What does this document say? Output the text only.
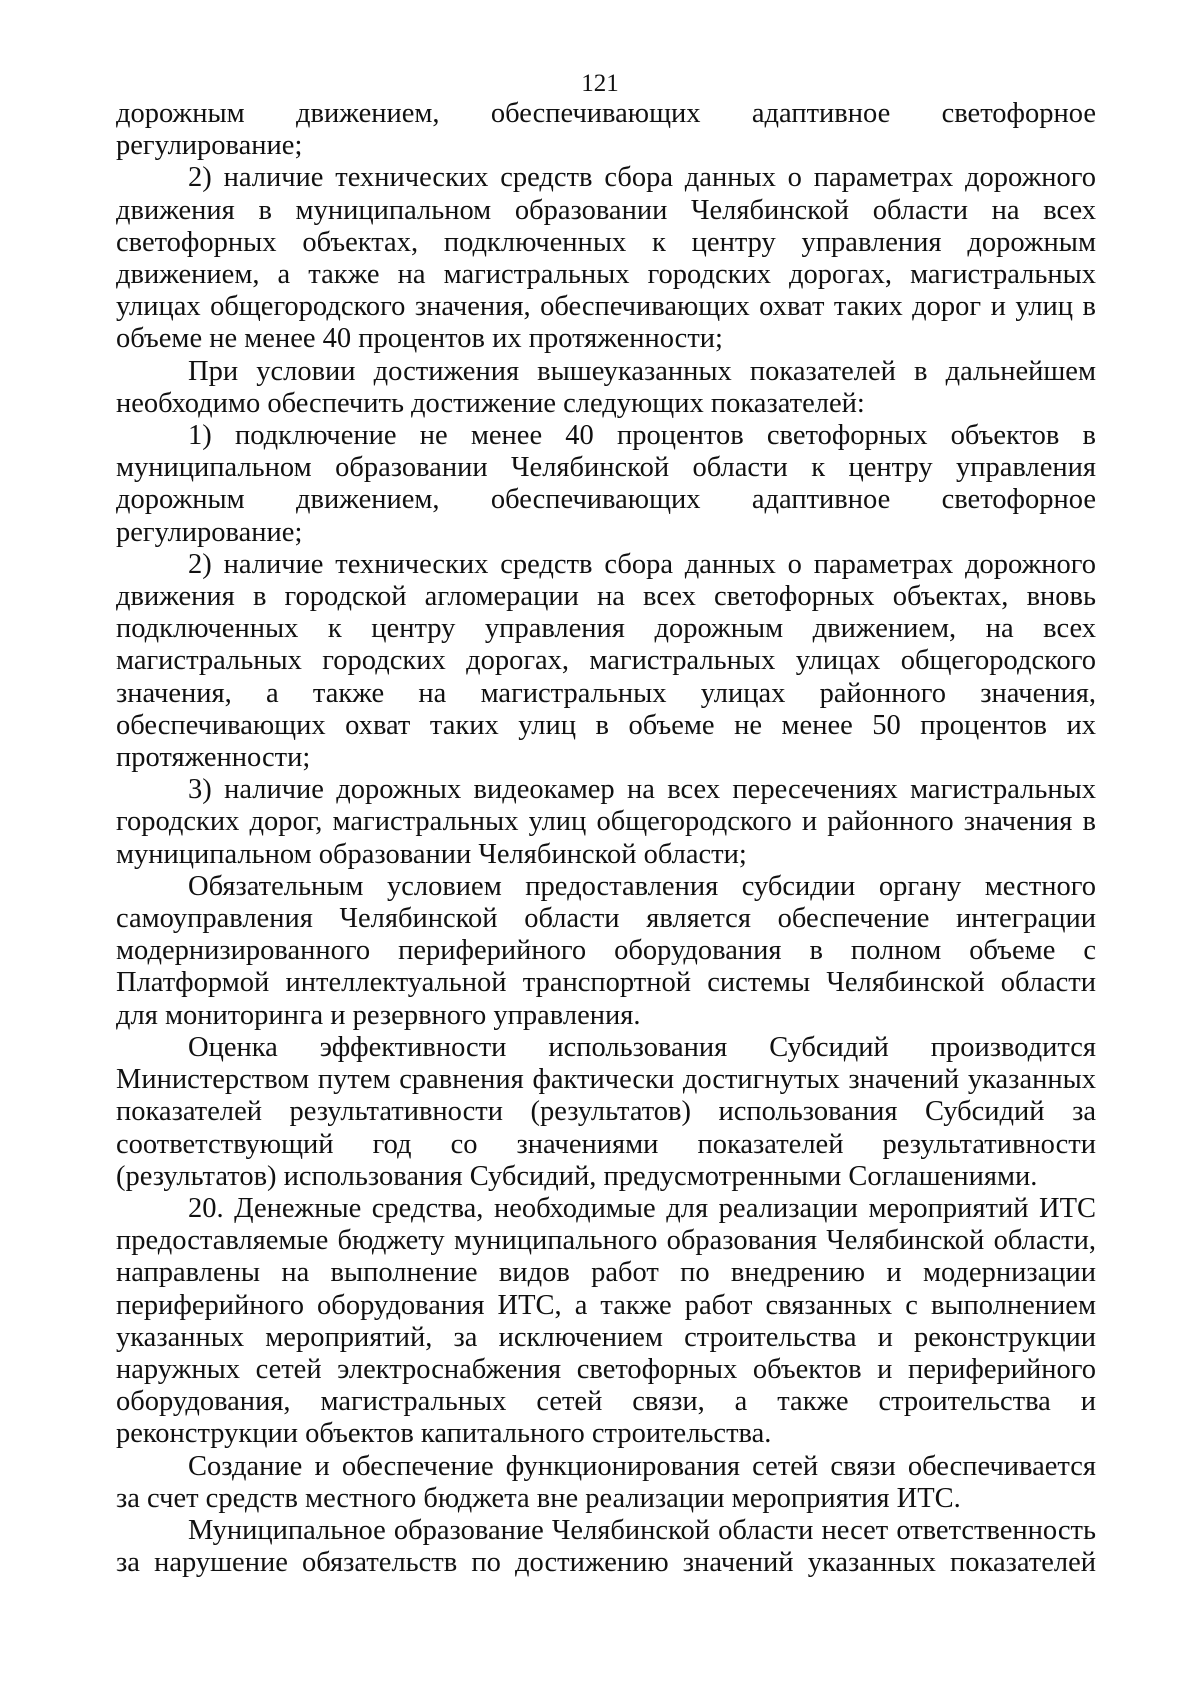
121

дорожным движением, обеспечивающих адаптивное светофорное регулирование;

2) наличие технических средств сбора данных о параметрах дорожного движения в муниципальном образовании Челябинской области на всех светофорных объектах, подключенных к центру управления дорожным движением, а также на магистральных городских дорогах, магистральных улицах общегородского значения, обеспечивающих охват таких дорог и улиц в объеме не менее 40 процентов их протяженности;

При условии достижения вышеуказанных показателей в дальнейшем необходимо обеспечить достижение следующих показателей:

1) подключение не менее 40 процентов светофорных объектов в муниципальном образовании Челябинской области к центру управления дорожным движением, обеспечивающих адаптивное светофорное регулирование;

2) наличие технических средств сбора данных о параметрах дорожного движения в городской агломерации на всех светофорных объектах, вновь подключенных к центру управления дорожным движением, на всех магистральных городских дорогах, магистральных улицах общегородского значения, а также на магистральных улицах районного значения, обеспечивающих охват таких улиц в объеме не менее 50 процентов их протяженности;

3) наличие дорожных видеокамер на всех пересечениях магистральных городских дорог, магистральных улиц общегородского и районного значения в муниципальном образовании Челябинской области;

Обязательным условием предоставления субсидии органу местного самоуправления Челябинской области является обеспечение интеграции модернизированного периферийного оборудования в полном объеме с Платформой интеллектуальной транспортной системы Челябинской области для мониторинга и резервного управления.

Оценка эффективности использования Субсидий производится Министерством путем сравнения фактически достигнутых значений указанных показателей результативности (результатов) использования Субсидий за соответствующий год со значениями показателей результативности (результатов) использования Субсидий, предусмотренными Соглашениями.

20. Денежные средства, необходимые для реализации мероприятий ИТС предоставляемые бюджету муниципального образования Челябинской области, направлены на выполнение видов работ по внедрению и модернизации периферийного оборудования ИТС, а также работ связанных с выполнением указанных мероприятий, за исключением строительства и реконструкции наружных сетей электроснабжения светофорных объектов и периферийного оборудования, магистральных сетей связи, а также строительства и реконструкции объектов капитального строительства.

Создание и обеспечение функционирования сетей связи обеспечивается за счет средств местного бюджета вне реализации мероприятия ИТС.

Муниципальное образование Челябинской области несет ответственность за нарушение обязательств по достижению значений указанных показателей
